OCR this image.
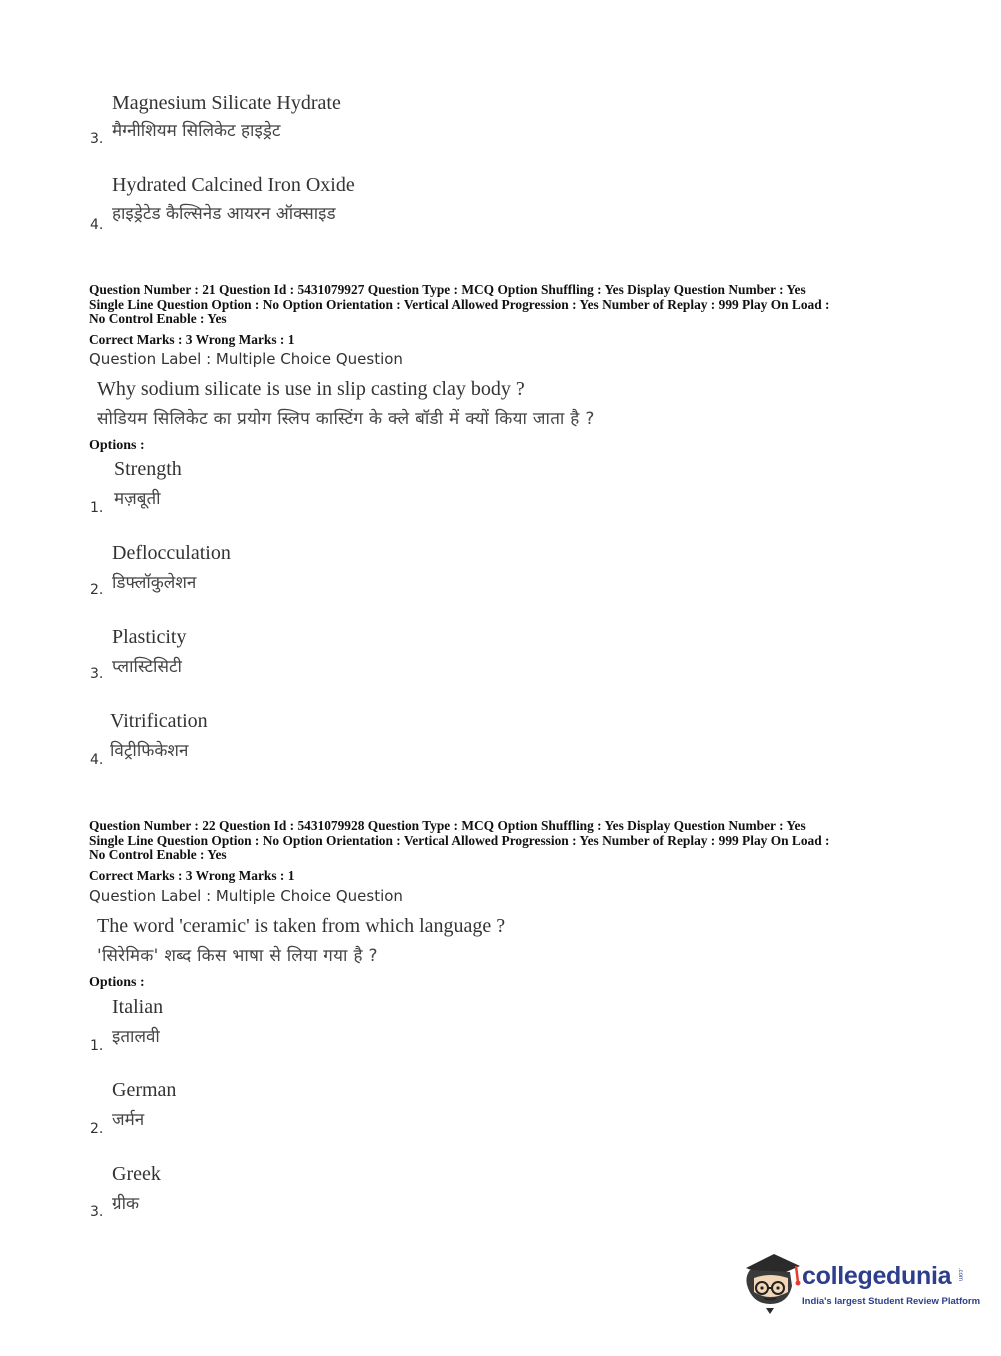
Magnesium Silicate Hydrate
मैग्नीशियम सिलिकेट हाइड्रेट
3.
Hydrated Calcined Iron Oxide
हाइड्रेटेड कैल्सिनेड आयरन ऑक्साइड
4.
Question Number : 21 Question Id : 5431079927 Question Type : MCQ Option Shuffling : Yes Display Question Number : Yes
Single Line Question Option : No Option Orientation : Vertical Allowed Progression : Yes Number of Replay : 999 Play On Load :
No Control Enable : Yes
Correct Marks : 3 Wrong Marks : 1
Question Label : Multiple Choice Question
Why sodium silicate is use in slip casting clay body ?
सोडियम सिलिकेट का प्रयोग स्लिप कास्टिंग के क्ले बॉडी में क्यों किया जाता है ?
Options :
Strength
मज़बूती
1.
Deflocculation
डिफ्लॉकुलेशन
2.
Plasticity
प्लास्टिसिटी
3.
Vitrification
विट्रीफिकेशन
4.
Question Number : 22 Question Id : 5431079928 Question Type : MCQ Option Shuffling : Yes Display Question Number : Yes
Single Line Question Option : No Option Orientation : Vertical Allowed Progression : Yes Number of Replay : 999 Play On Load :
No Control Enable : Yes
Correct Marks : 3 Wrong Marks : 1
Question Label : Multiple Choice Question
The word 'ceramic' is taken from which language ?
'सिरेमिक' शब्द किस भाषा से लिया गया है ?
Options :
Italian
इतालवी
1.
German
जर्मन
2.
Greek
ग्रीक
3.
collegedunia .com
India's largest Student Review Platform
